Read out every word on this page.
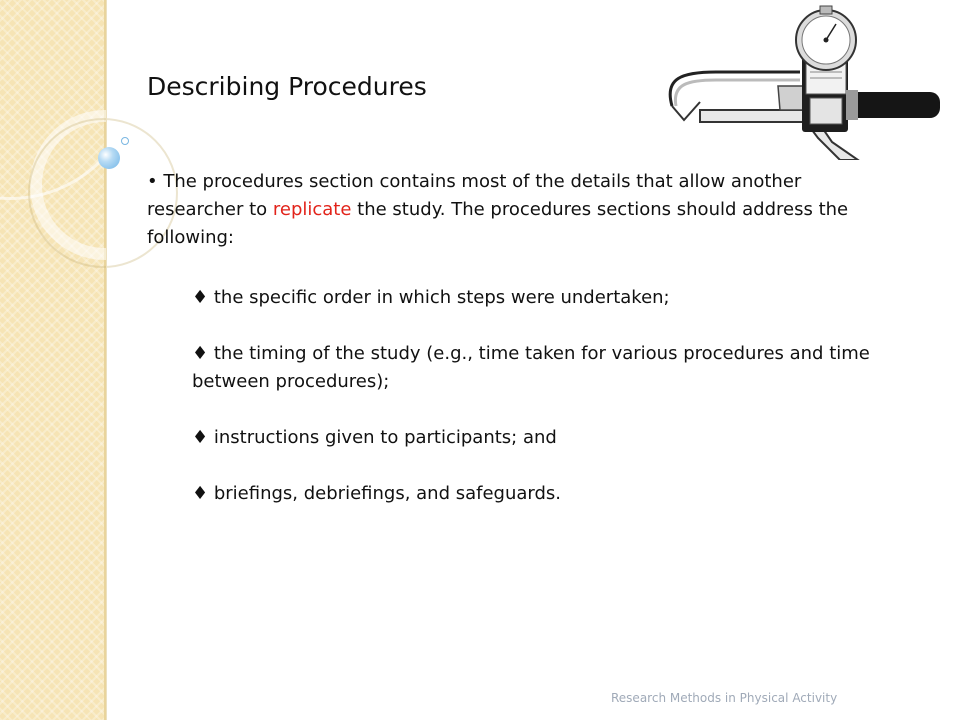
Describing Procedures

• The procedures section contains most of the details that allow another researcher to replicate the study. The procedures sections should address the following:

♦ the specific order in which steps were undertaken;
♦ the timing of the study (e.g., time taken for various procedures and time between procedures);
♦ instructions given to participants; and
♦ briefings, debriefings, and safeguards.
Research Methods in Physical Activity
